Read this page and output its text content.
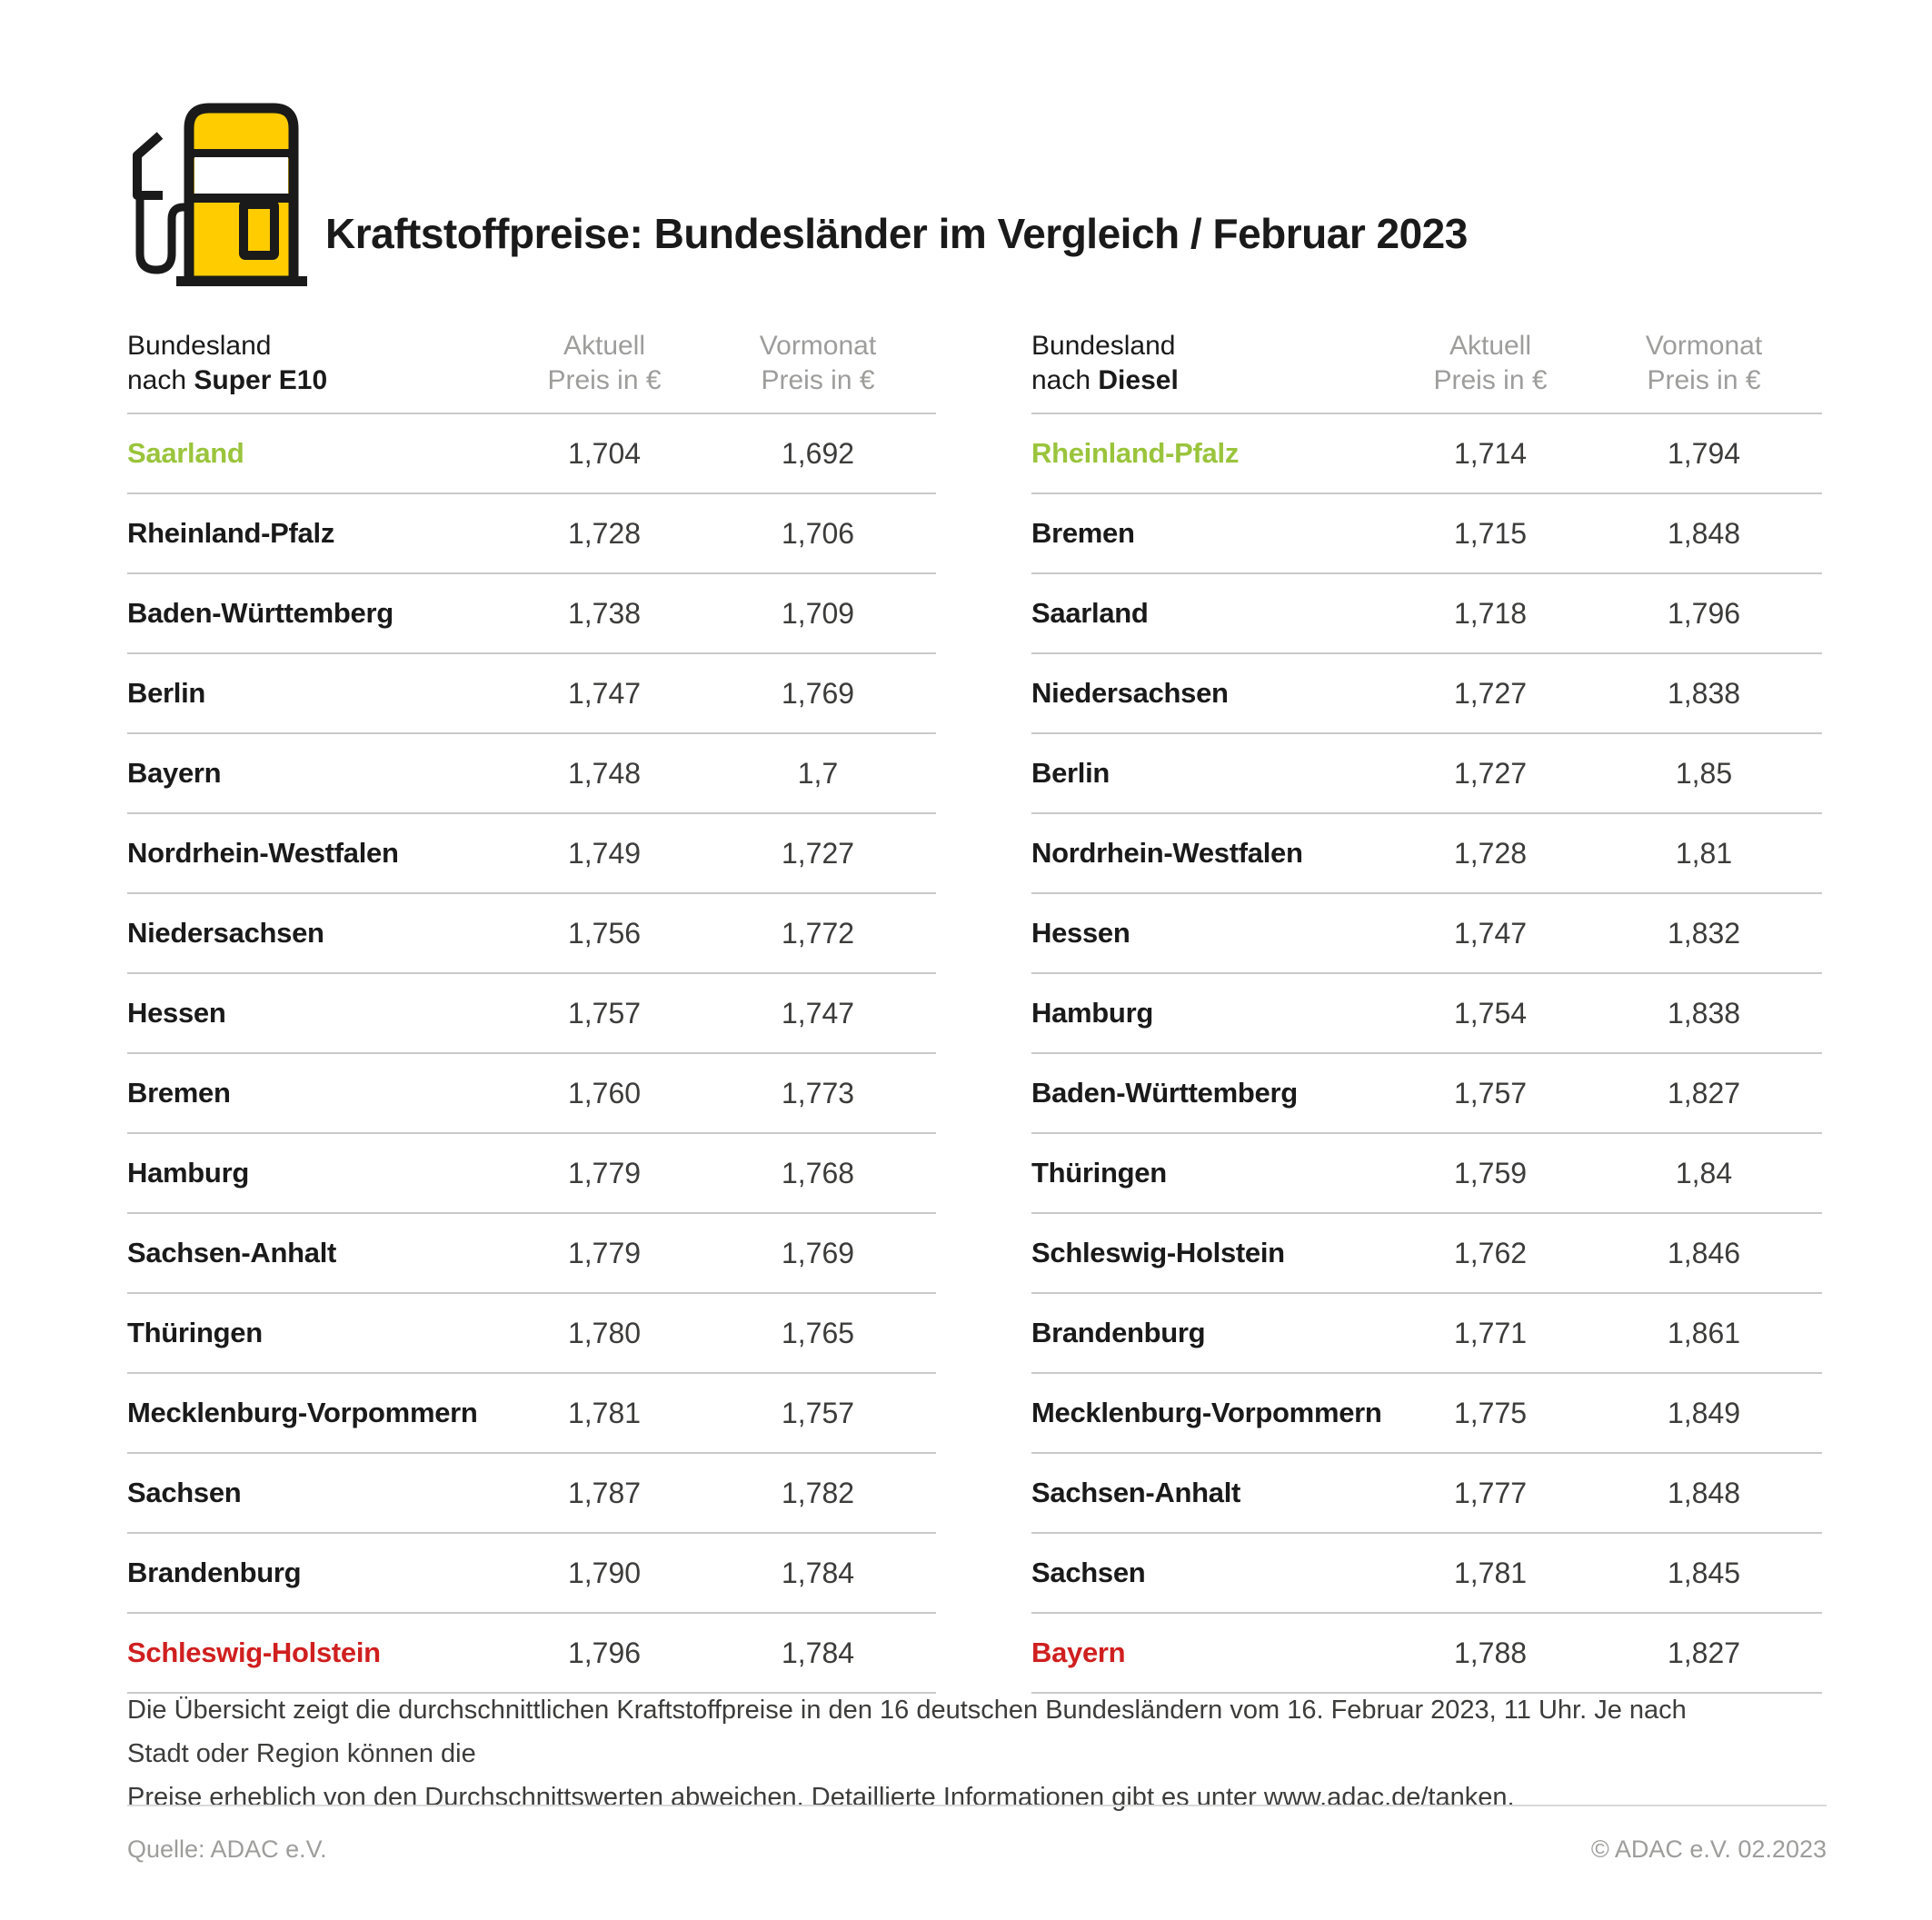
Kraftstoffpreise: Bundesländer im Vergleich / Februar 2023
Bundesland
nach Super E10
Aktuell
Preis in €
Vormonat
Preis in €
Saarland	1,704	1,692
Rheinland-Pfalz	1,728	1,706
Baden-Württemberg	1,738	1,709
Berlin	1,747	1,769
Bayern	1,748	1,7
Nordrhein-Westfalen	1,749	1,727
Niedersachsen	1,756	1,772
Hessen	1,757	1,747
Bremen	1,760	1,773
Hamburg	1,779	1,768
Sachsen-Anhalt	1,779	1,769
Thüringen	1,780	1,765
Mecklenburg-Vorpommern	1,781	1,757
Sachsen	1,787	1,782
Brandenburg	1,790	1,784
Schleswig-Holstein	1,796	1,784
Bundesland
nach Diesel
Aktuell
Preis in €
Vormonat
Preis in €
Rheinland-Pfalz	1,714	1,794
Bremen	1,715	1,848
Saarland	1,718	1,796
Niedersachsen	1,727	1,838
Berlin	1,727	1,85
Nordrhein-Westfalen	1,728	1,81
Hessen	1,747	1,832
Hamburg	1,754	1,838
Baden-Württemberg	1,757	1,827
Thüringen	1,759	1,84
Schleswig-Holstein	1,762	1,846
Brandenburg	1,771	1,861
Mecklenburg-Vorpommern	1,775	1,849
Sachsen-Anhalt	1,777	1,848
Sachsen	1,781	1,845
Bayern	1,788	1,827
Die Übersicht zeigt die durchschnittlichen Kraftstoffpreise in den 16 deutschen Bundesländern vom 16. Februar 2023, 11 Uhr. Je nach Stadt oder Region können die
Preise erheblich von den Durchschnittswerten abweichen. Detaillierte Informationen gibt es unter www.adac.de/tanken.
Quelle: ADAC e.V.	© ADAC e.V. 02.2023
